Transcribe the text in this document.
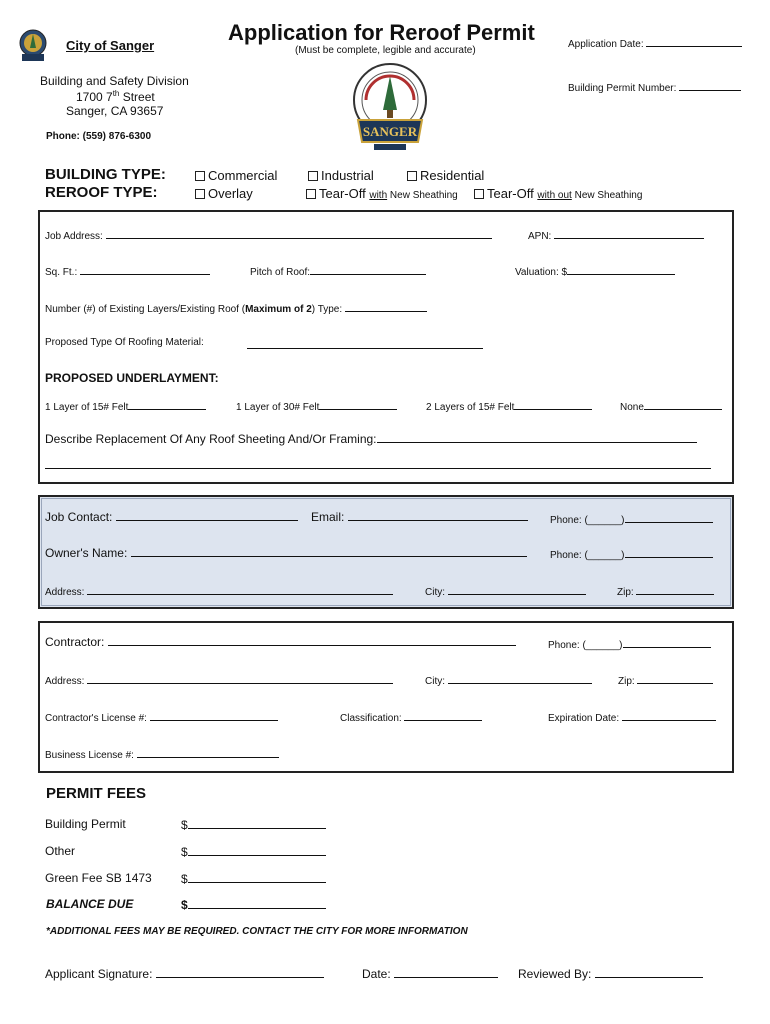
City of Sanger
Application for Reroof Permit
(Must be complete, legible and accurate)
Application Date:
Building Permit Number:
Building and Safety Division
1700 7th Street
Sanger, CA 93657
Phone: (559) 876-6300	SANGER
BUILDING TYPE:
REROOF TYPE:
Commercial	Industrial	Residential
Overlay	Tear-Off with New Sheathing	Tear-Off with out New Sheathing
Job Address:	APN:
Sq. Ft.:	Pitch of Roof:	Valuation: $
Number (#) of Existing Layers/Existing Roof (Maximum of 2) Type:
Proposed Type Of Roofing Material:
PROPOSED UNDERLAYMENT:
1 Layer of 15# Felt	1 Layer of 30# Felt	2 Layers of 15# Felt	None
Describe Replacement Of Any Roof Sheeting And/Or Framing:
Job Contact:	Email:	Phone: (______)
Owner's Name:	Phone: (______)
Address:	City:	Zip:
Contractor:	Phone: (______)
Address:	City:	Zip:
Contractor's License #:	Classification:	Expiration Date:
Business License #:
PERMIT FEES
Building Permit	$
Other	$
Green Fee SB 1473 $
BALANCE DUE	$
*ADDITIONAL FEES MAY BE REQUIRED. CONTACT THE CITY FOR MORE INFORMATION
Applicant Signature:	Date:	Reviewed By:
